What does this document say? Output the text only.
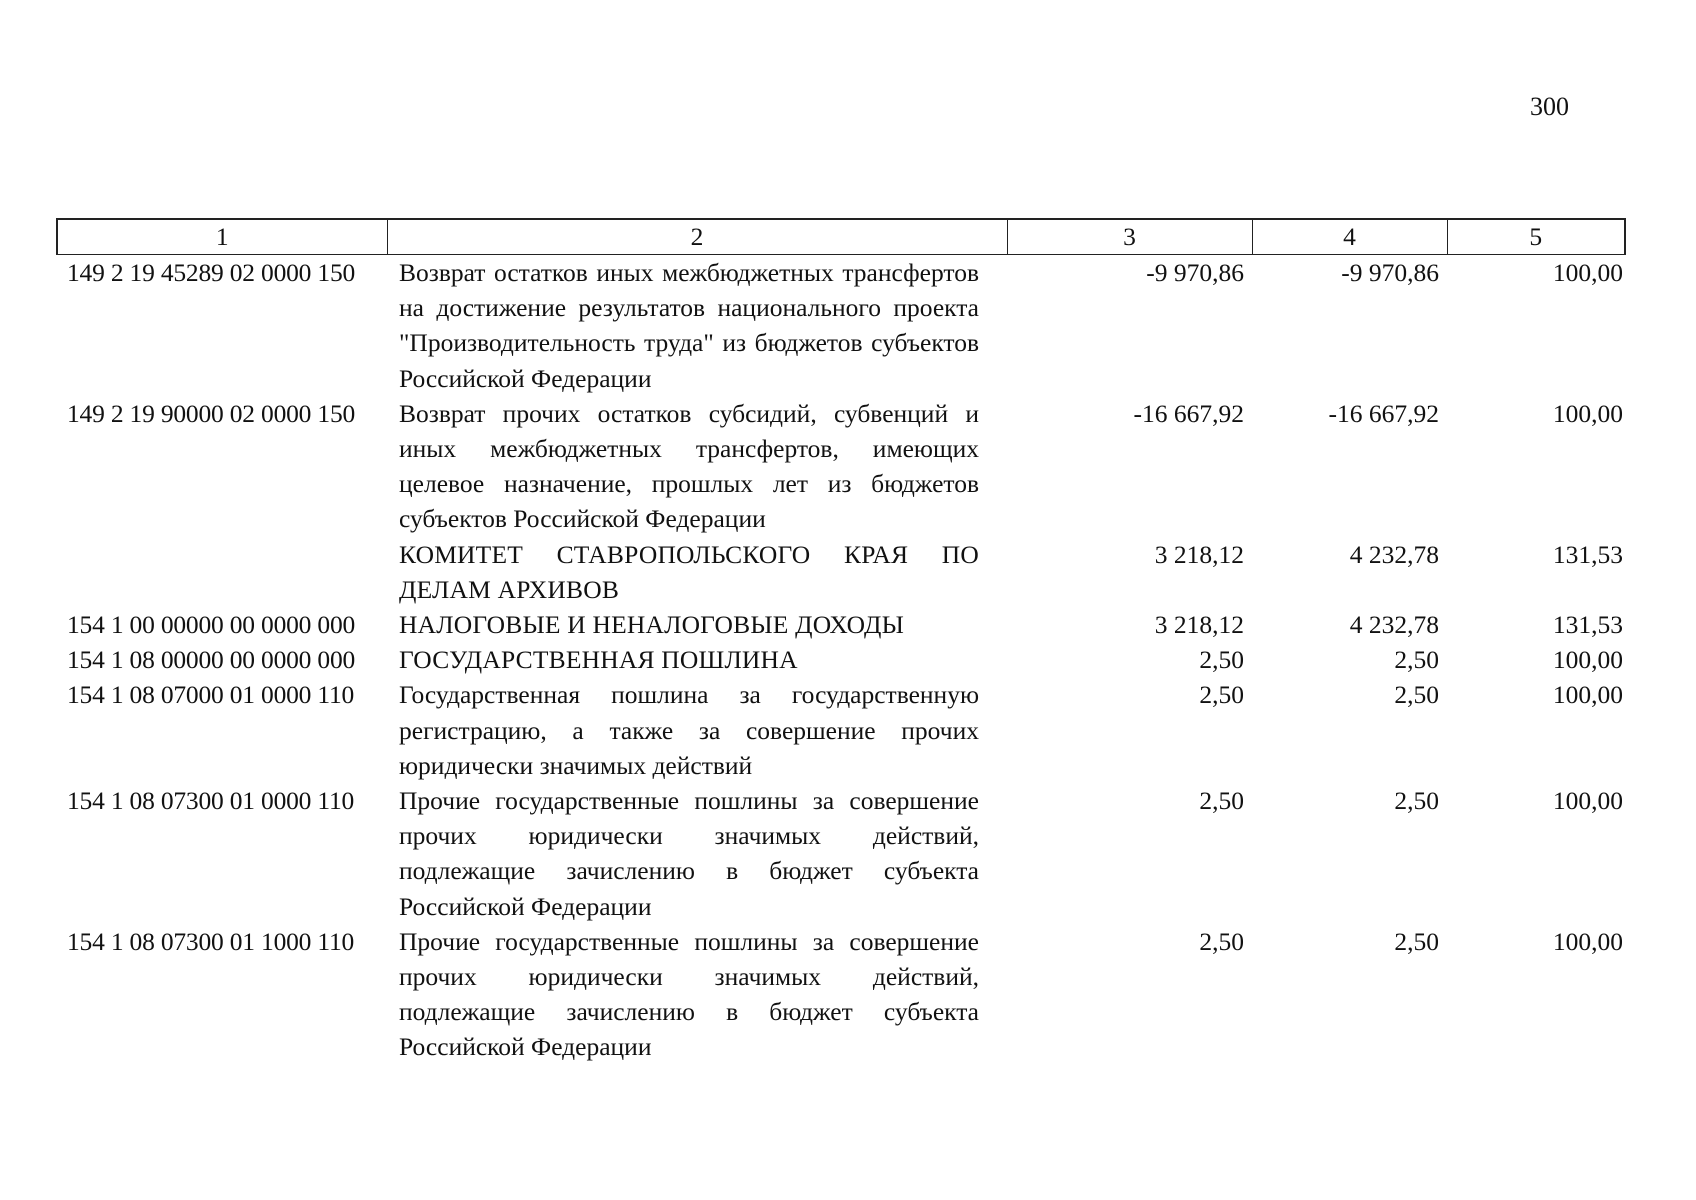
300
1	2	3	4	5
149 2 19 45289 02 0000 150	Возврат остатков иных межбюджетных трансфертов на достижение результатов национального проекта "Производительность труда" из бюджетов субъектов Российской Федерации	-9 970,86	-9 970,86	100,00
149 2 19 90000 02 0000 150	Возврат прочих остатков субсидий, субвенций и иных межбюджетных трансфертов, имеющих целевое назначение, прошлых лет из бюджетов субъектов Российской Федерации	-16 667,92	-16 667,92	100,00
	КОМИТЕТ СТАВРОПОЛЬСКОГО КРАЯ ПО ДЕЛАМ АРХИВОВ	3 218,12	4 232,78	131,53
154 1 00 00000 00 0000 000	НАЛОГОВЫЕ И НЕНАЛОГОВЫЕ ДОХОДЫ	3 218,12	4 232,78	131,53
154 1 08 00000 00 0000 000	ГОСУДАРСТВЕННАЯ ПОШЛИНА	2,50	2,50	100,00
154 1 08 07000 01 0000 110	Государственная пошлина за государственную регистрацию, а также за совершение прочих юридически значимых действий	2,50	2,50	100,00
154 1 08 07300 01 0000 110	Прочие государственные пошлины за совершение прочих юридически значимых действий, подлежащие зачислению в бюджет субъекта Российской Федерации	2,50	2,50	100,00
154 1 08 07300 01 1000 110	Прочие государственные пошлины за совершение прочих юридически значимых действий, подлежащие зачислению в бюджет субъекта Российской Федерации	2,50	2,50	100,00
